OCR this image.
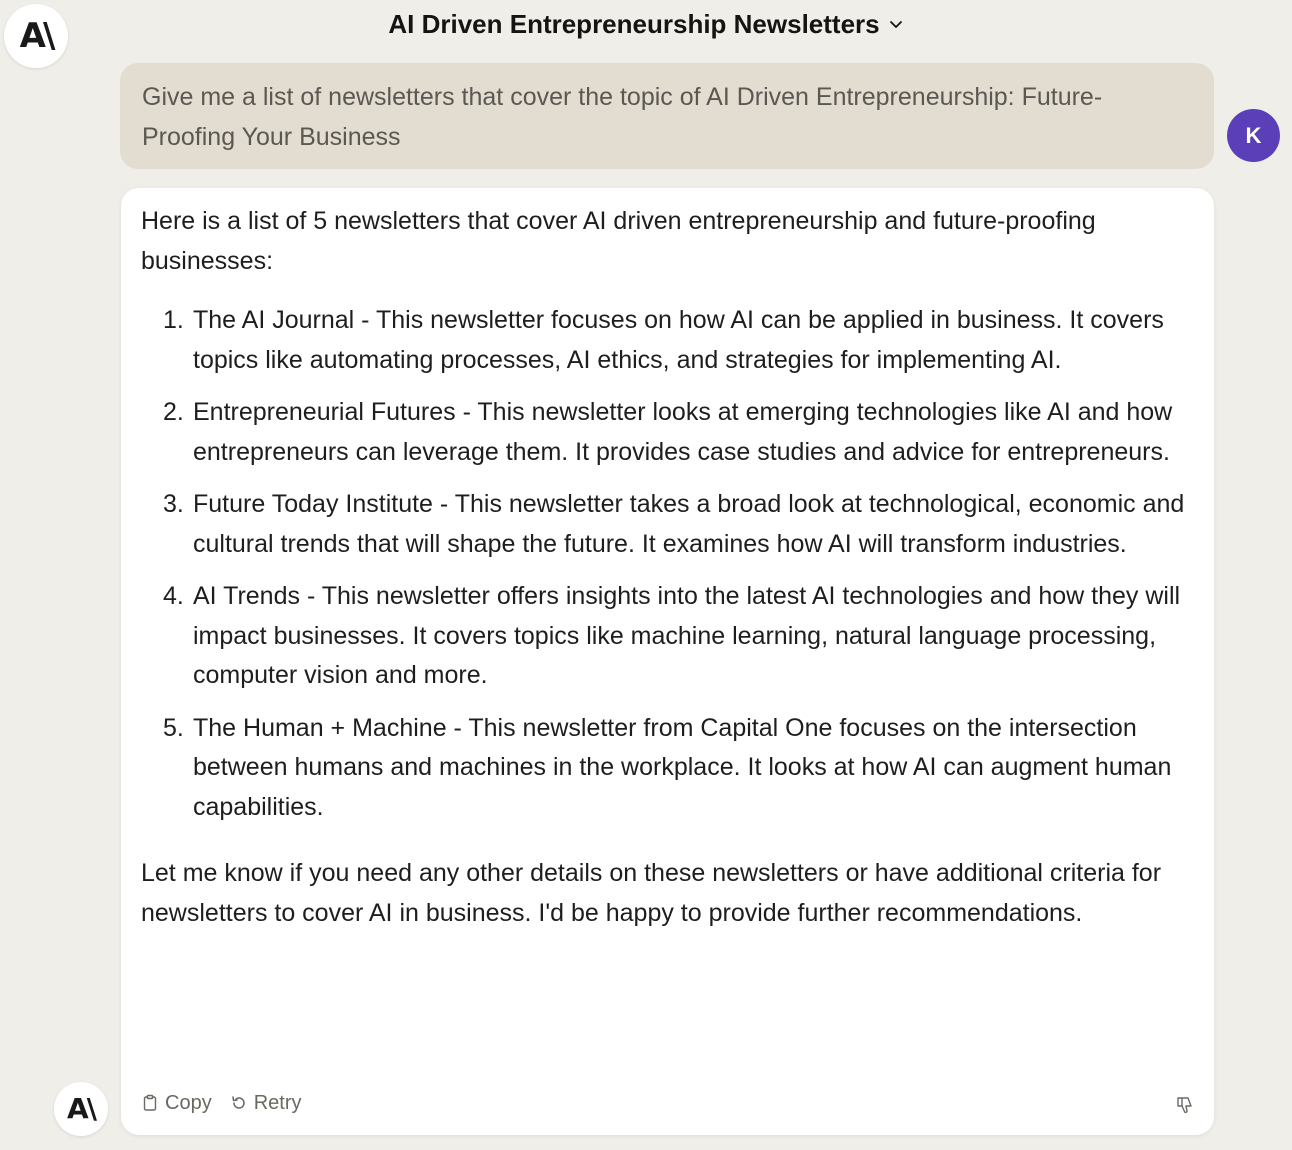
A\	AI Driven Entrepreneurship Newsletters
Give me a list of newsletters that cover the topic of AI Driven Entrepreneurship: Future-Proofing Your Business	K

Here is a list of 5 newsletters that cover AI driven entrepreneurship and future-proofing businesses:

1. The AI Journal - This newsletter focuses on how AI can be applied in business. It covers topics like automating processes, AI ethics, and strategies for implementing AI.
2. Entrepreneurial Futures - This newsletter looks at emerging technologies like AI and how entrepreneurs can leverage them. It provides case studies and advice for entrepreneurs.
3. Future Today Institute - This newsletter takes a broad look at technological, economic and cultural trends that will shape the future. It examines how AI will transform industries.
4. AI Trends - This newsletter offers insights into the latest AI technologies and how they will impact businesses. It covers topics like machine learning, natural language processing, computer vision and more.
5. The Human + Machine - This newsletter from Capital One focuses on the intersection between humans and machines in the workplace. It looks at how AI can augment human capabilities.

Let me know if you need any other details on these newsletters or have additional criteria for newsletters to cover AI in business. I'd be happy to provide further recommendations.

Copy Retry
A\
